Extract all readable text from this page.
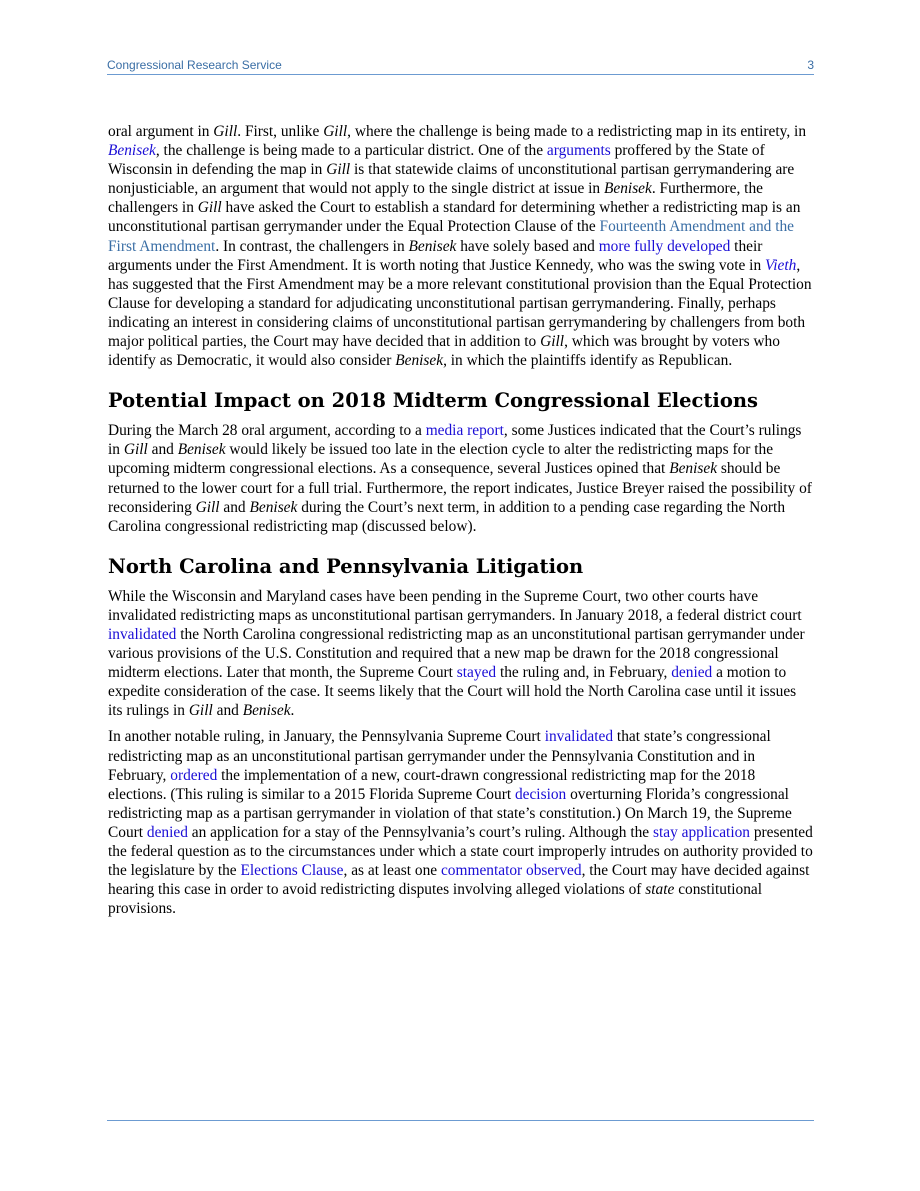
Congressional Research Service	3

oral argument in Gill. First, unlike Gill, where the challenge is being made to a redistricting map in its entirety, in Benisek, the challenge is being made to a particular district. One of the arguments proffered by the State of Wisconsin in defending the map in Gill is that statewide claims of unconstitutional partisan gerrymandering are nonjusticiable, an argument that would not apply to the single district at issue in Benisek. Furthermore, the challengers in Gill have asked the Court to establish a standard for determining whether a redistricting map is an unconstitutional partisan gerrymander under the Equal Protection Clause of the Fourteenth Amendment and the First Amendment. In contrast, the challengers in Benisek have solely based and more fully developed their arguments under the First Amendment. It is worth noting that Justice Kennedy, who was the swing vote in Vieth, has suggested that the First Amendment may be a more relevant constitutional provision than the Equal Protection Clause for developing a standard for adjudicating unconstitutional partisan gerrymandering. Finally, perhaps indicating an interest in considering claims of unconstitutional partisan gerrymandering by challengers from both major political parties, the Court may have decided that in addition to Gill, which was brought by voters who identify as Democratic, it would also consider Benisek, in which the plaintiffs identify as Republican.

Potential Impact on 2018 Midterm Congressional Elections

During the March 28 oral argument, according to a media report, some Justices indicated that the Court’s rulings in Gill and Benisek would likely be issued too late in the election cycle to alter the redistricting maps for the upcoming midterm congressional elections. As a consequence, several Justices opined that Benisek should be returned to the lower court for a full trial. Furthermore, the report indicates, Justice Breyer raised the possibility of reconsidering Gill and Benisek during the Court’s next term, in addition to a pending case regarding the North Carolina congressional redistricting map (discussed below).

North Carolina and Pennsylvania Litigation

While the Wisconsin and Maryland cases have been pending in the Supreme Court, two other courts have invalidated redistricting maps as unconstitutional partisan gerrymanders. In January 2018, a federal district court invalidated the North Carolina congressional redistricting map as an unconstitutional partisan gerrymander under various provisions of the U.S. Constitution and required that a new map be drawn for the 2018 congressional midterm elections. Later that month, the Supreme Court stayed the ruling and, in February, denied a motion to expedite consideration of the case. It seems likely that the Court will hold the North Carolina case until it issues its rulings in Gill and Benisek.

In another notable ruling, in January, the Pennsylvania Supreme Court invalidated that state’s congressional redistricting map as an unconstitutional partisan gerrymander under the Pennsylvania Constitution and in February, ordered the implementation of a new, court-drawn congressional redistricting map for the 2018 elections. (This ruling is similar to a 2015 Florida Supreme Court decision overturning Florida’s congressional redistricting map as a partisan gerrymander in violation of that state’s constitution.) On March 19, the Supreme Court denied an application for a stay of the Pennsylvania’s court’s ruling. Although the stay application presented the federal question as to the circumstances under which a state court improperly intrudes on authority provided to the legislature by the Elections Clause, as at least one commentator observed, the Court may have decided against hearing this case in order to avoid redistricting disputes involving alleged violations of state constitutional provisions.
